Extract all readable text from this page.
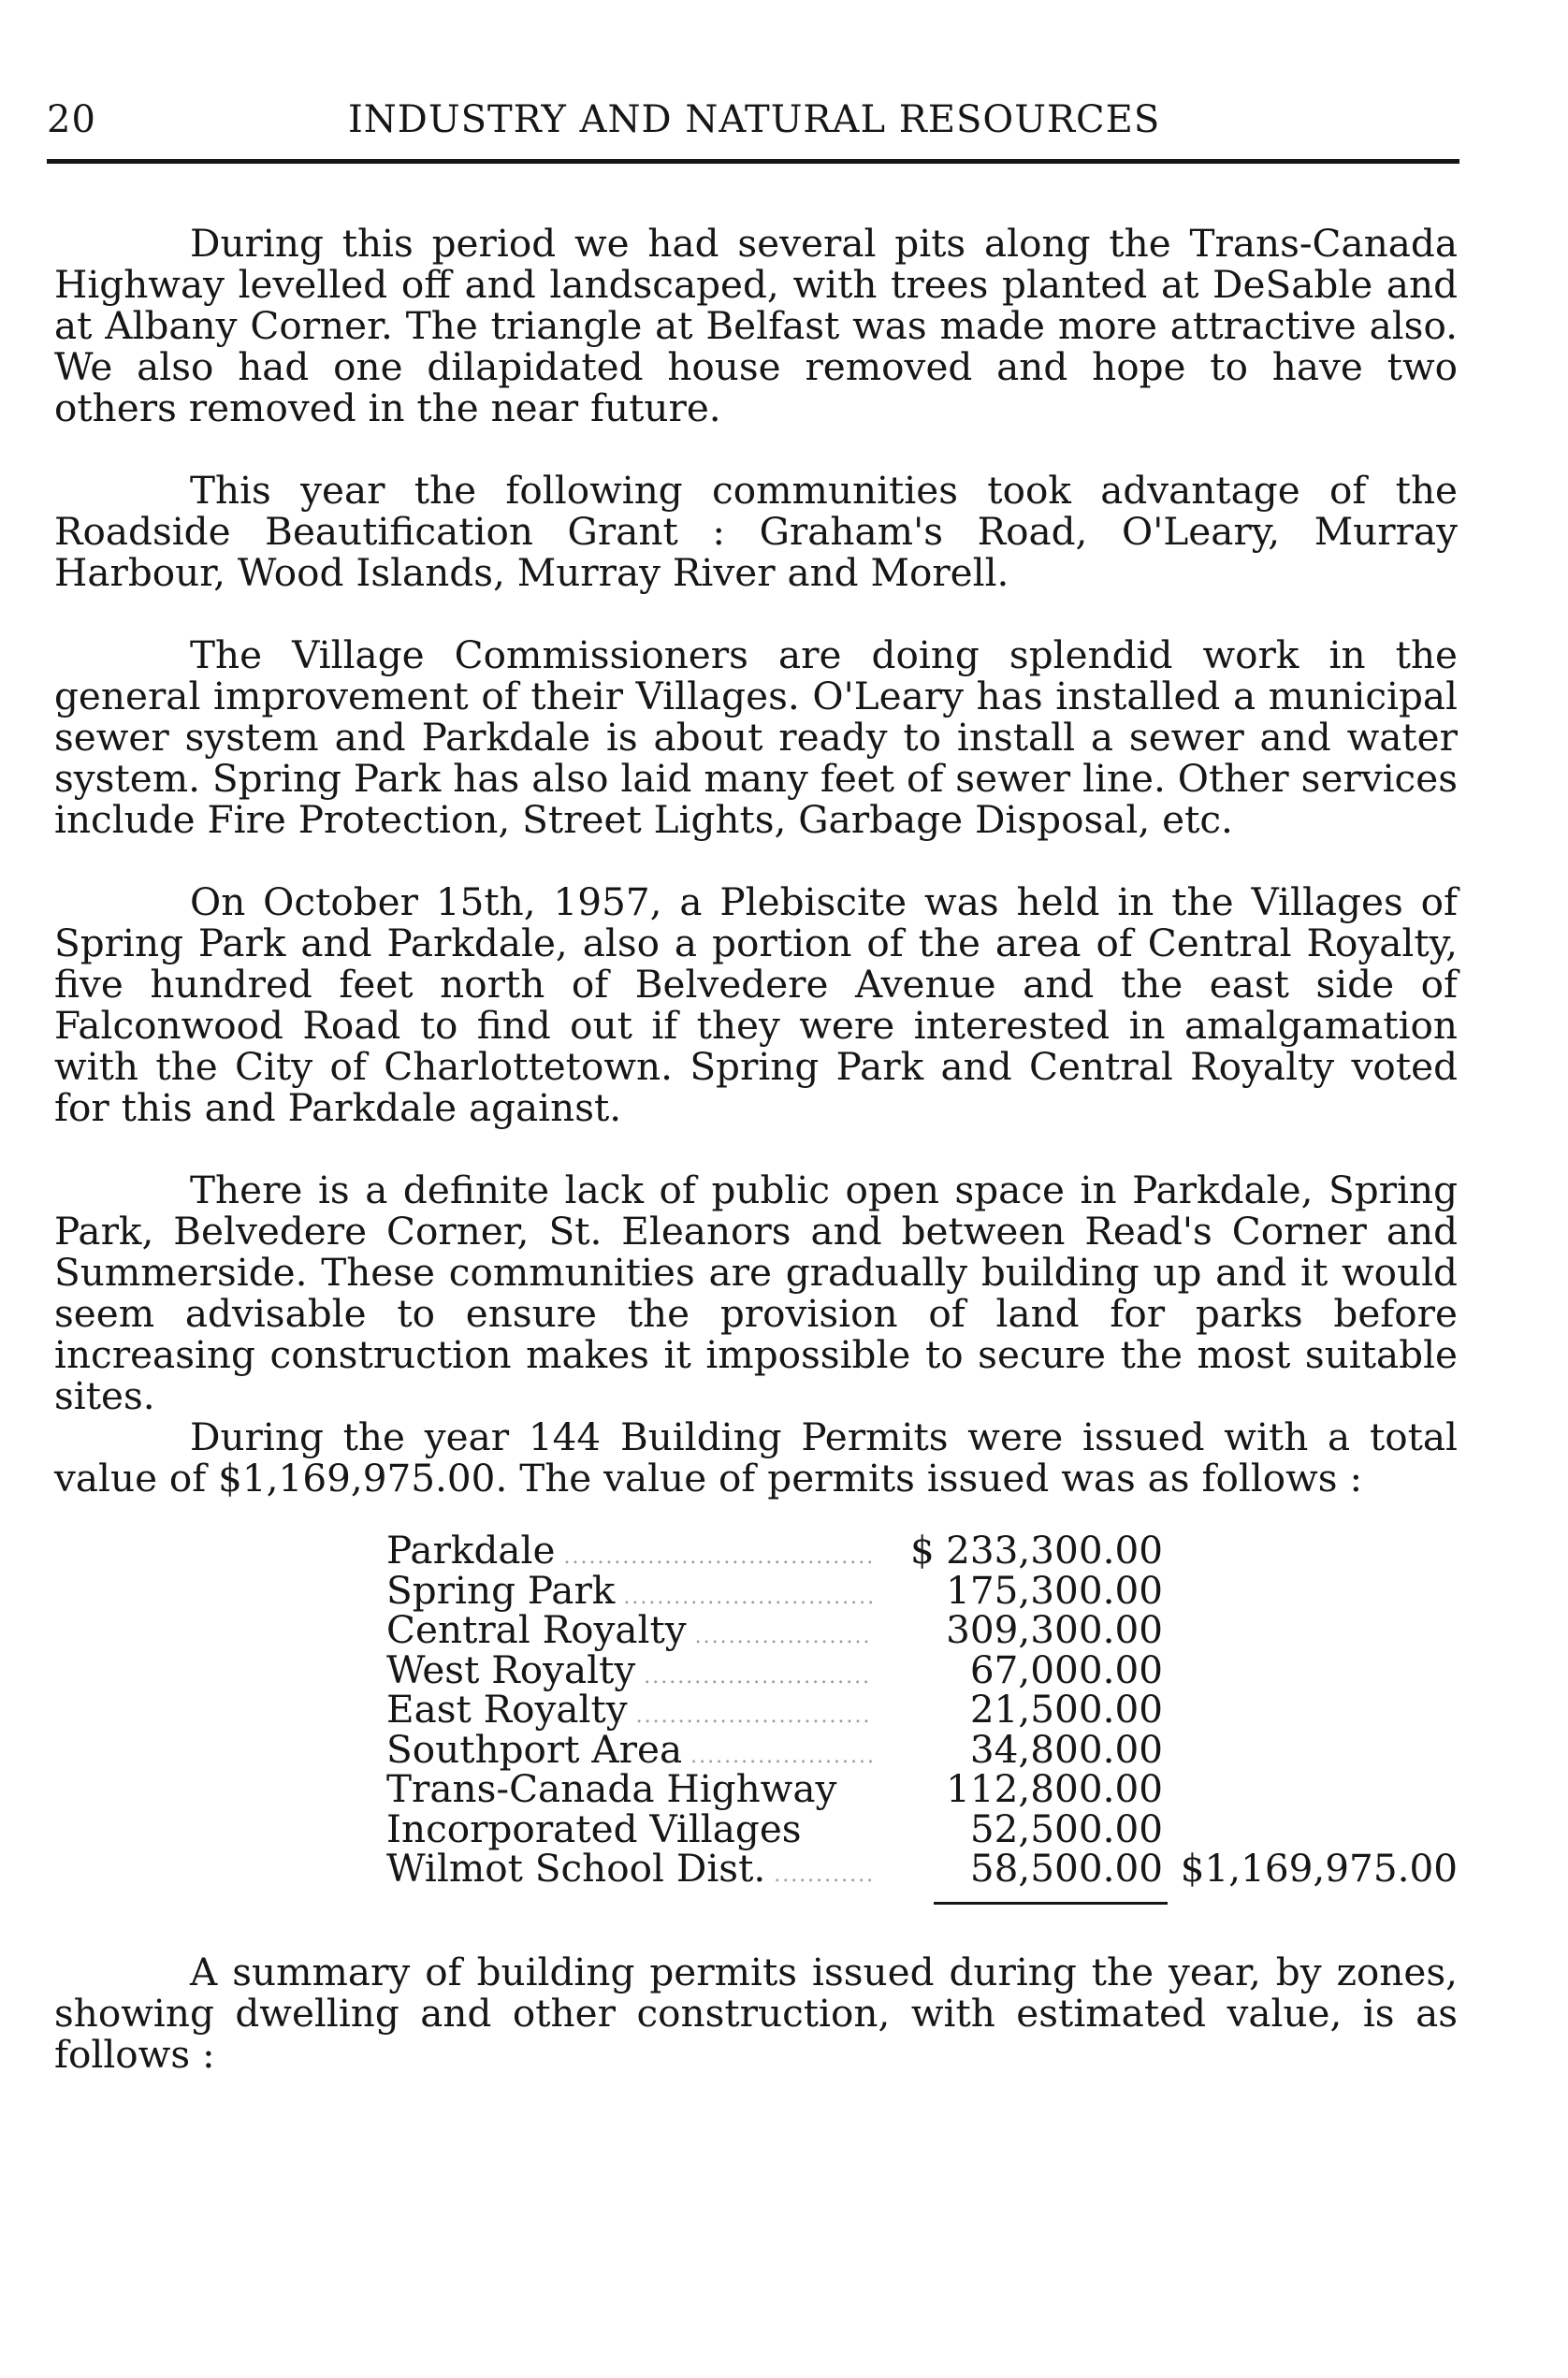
20	INDUSTRY AND NATURAL RESOURCES

During this period we had several pits along the Trans-Canada Highway levelled off and landscaped, with trees planted at DeSable and at Albany Corner. The triangle at Belfast was made more attractive also. We also had one dilapidated house removed and hope to have two others removed in the near future.

This year the following communities took advantage of the Roadside Beautification Grant : Graham's Road, O'Leary, Murray Harbour, Wood Islands, Murray River and Morell.

The Village Commissioners are doing splendid work in the general improvement of their Villages. O'Leary has installed a municipal sewer system and Parkdale is about ready to install a sewer and water system. Spring Park has also laid many feet of sewer line. Other services include Fire Protection, Street Lights, Garbage Disposal, etc.

On October 15th, 1957, a Plebiscite was held in the Villages of Spring Park and Parkdale, also a portion of the area of Central Royalty, five hundred feet north of Belvedere Avenue and the east side of Falconwood Road to find out if they were interested in amalgamation with the City of Charlottetown. Spring Park and Central Royalty voted for this and Parkdale against.

There is a definite lack of public open space in Parkdale, Spring Park, Belvedere Corner, St. Eleanors and between Read's Corner and Summerside. These communities are gradually building up and it would seem advisable to ensure the provision of land for parks before increasing construction makes it impossible to secure the most suitable sites.

During the year 144 Building Permits were issued with a total value of $1,169,975.00. The value of permits issued was as follows :

Parkdale .....	$ 233,300.00
Spring Park .....	175,300.00
Central Royalty .....	309,300.00
West Royalty .....	67,000.00
East Royalty .....	21,500.00
Southport Area .....	34,800.00
Trans-Canada Highway	112,800.00
Incorporated Villages	52,500.00
Wilmot School Dist. .....	58,500.00 $1,169,975.00

A summary of building permits issued during the year, by zones, showing dwelling and other construction, with estimated value, is as follows :
